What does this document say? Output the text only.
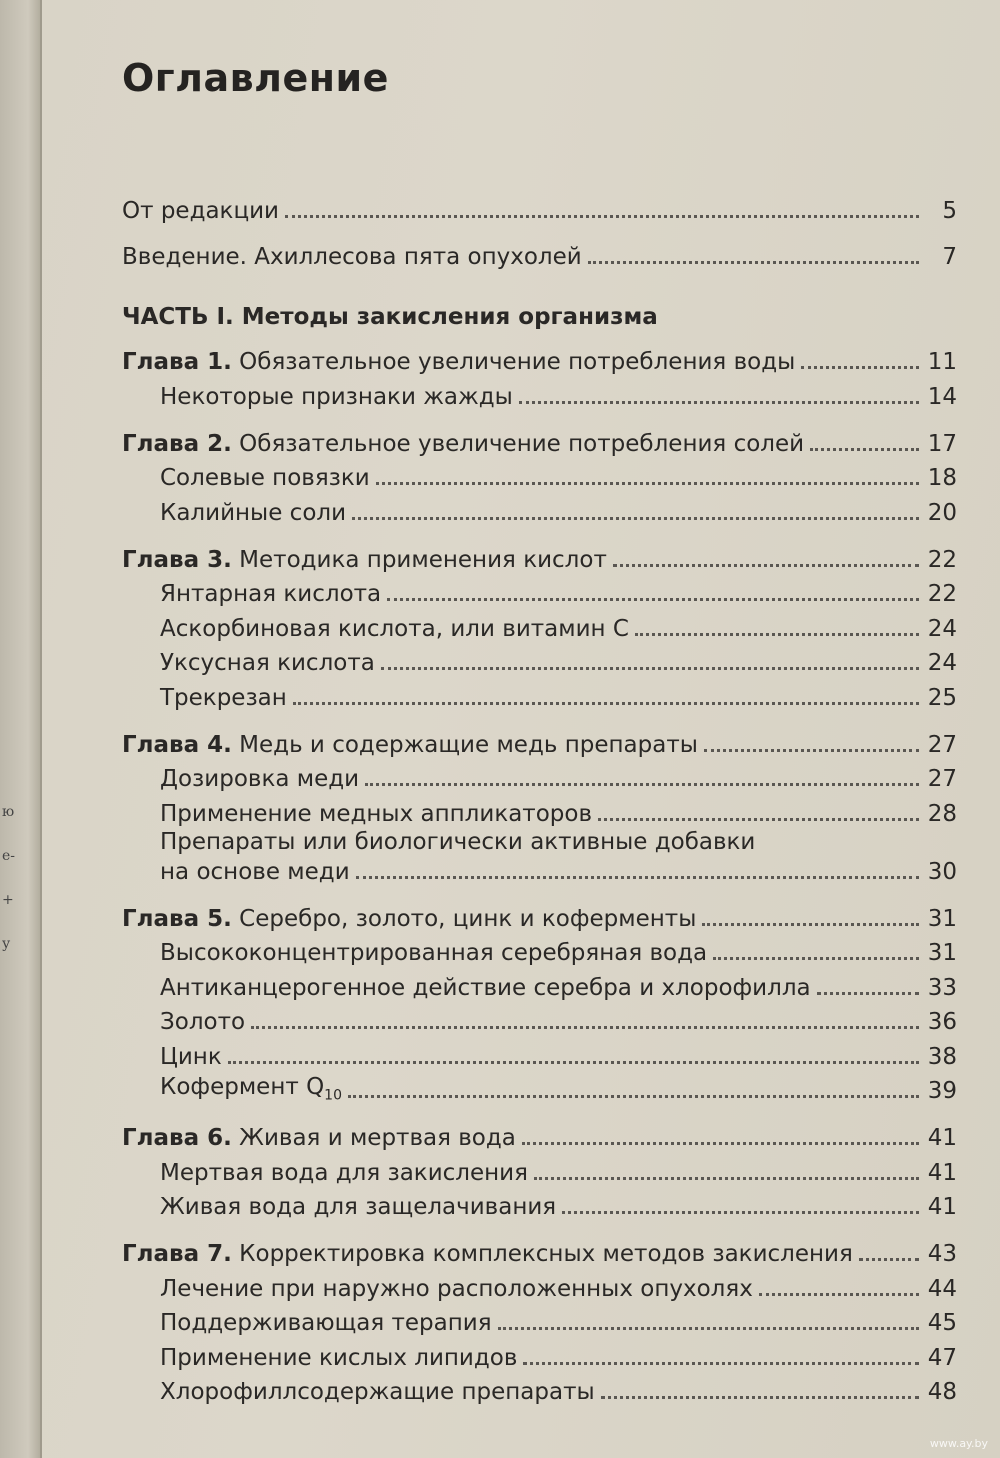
ю
е-
+
у
Оглавление
От редакции	5
Введение. Ахиллесова пята опухолей	7
ЧАСТЬ I. Методы закисления организма
Глава 1. Обязательное увеличение потребления воды	11
Некоторые признаки жажды	14
Глава 2. Обязательное увеличение потребления солей	17
Солевые повязки	18
Калийные соли	20
Глава 3. Методика применения кислот	22
Янтарная кислота	22
Аскорбиновая кислота, или витамин C	24
Уксусная кислота	24
Трекрезан	25
Глава 4. Медь и содержащие медь препараты	27
Дозировка меди	27
Применение медных аппликаторов	28
Препараты или биологически активные добавки
на основе меди	30
Глава 5. Серебро, золото, цинк и коферменты	31
Высококонцентрированная серебряная вода	31
Антиканцерогенное действие серебра и хлорофилла	33
Золото	36
Цинк	38
Кофермент $Q_{10}$	39
Глава 6. Живая и мертвая вода	41
Мертвая вода для закисления	41
Живая вода для защелачивания	41
Глава 7. Корректировка комплексных методов закисления	43
Лечение при наружно расположенных опухолях	44
Поддерживающая терапия	45
Применение кислых липидов	47
Хлорофиллсодержащие препараты	48
www.ay.by
